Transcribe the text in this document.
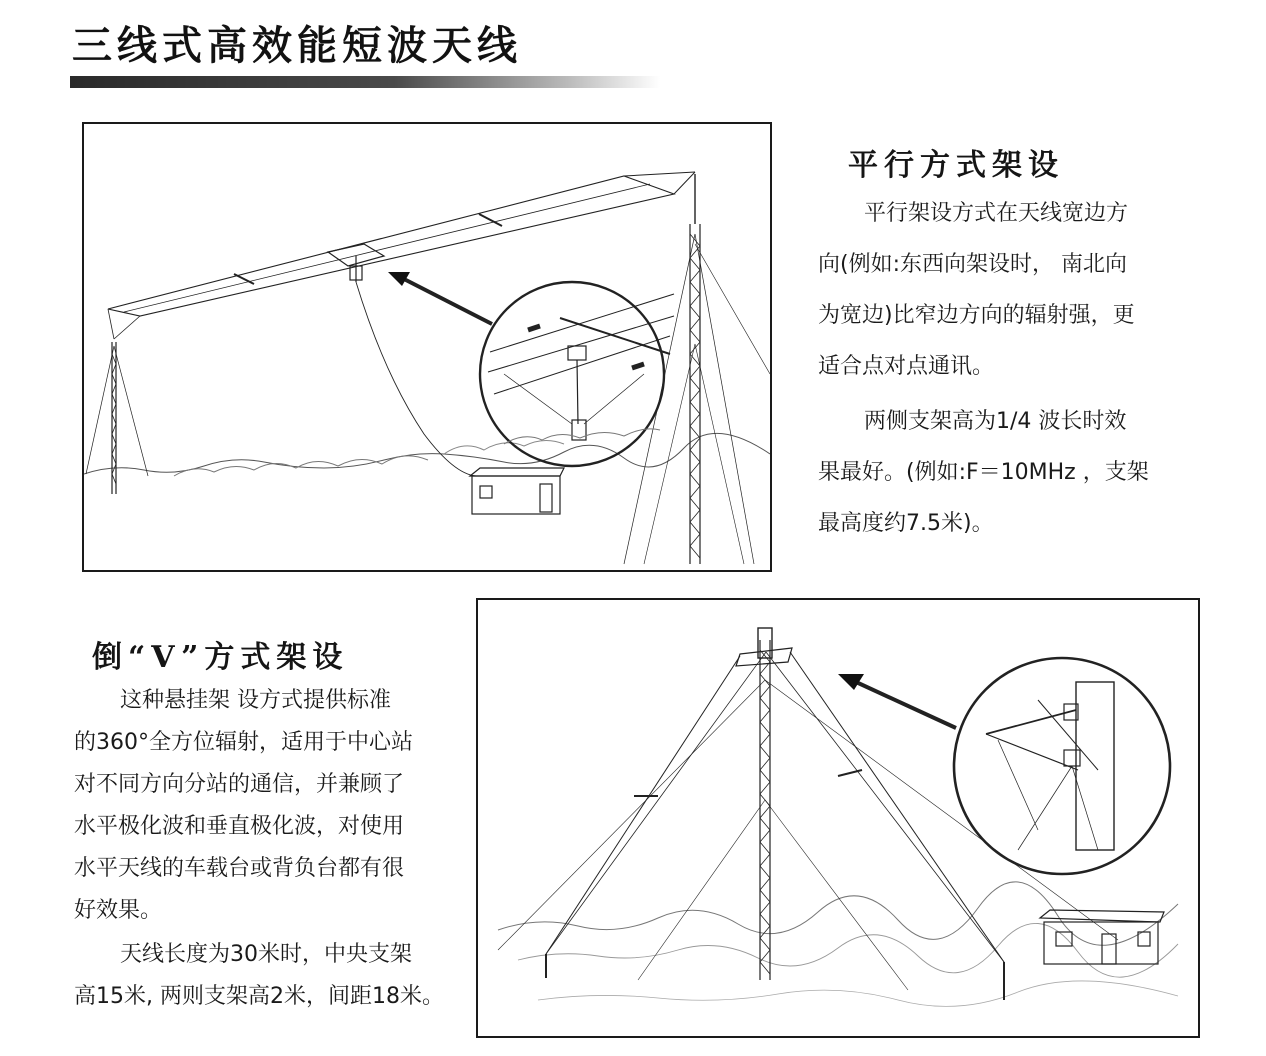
三线式高效能短波天线
平行方式架设
平行架设方式在天线宽边方
向(例如:东西向架设时， 南北向
为宽边)比窄边方向的辐射强，更
适合点对点通讯。
两侧支架高为1/4 波长时效
果最好。(例如:F＝10MHz ，支架
最高度约7.5米)。
倒“V”方式架设
这种悬挂架 设方式提供标准
的360°全方位辐射，适用于中心站
对不同方向分站的通信，并兼顾了
水平极化波和垂直极化波，对使用
水平天线的车载台或背负台都有很
好效果。
天线长度为30米时，中央支架
高15米, 两则支架高2米，间距18米。
